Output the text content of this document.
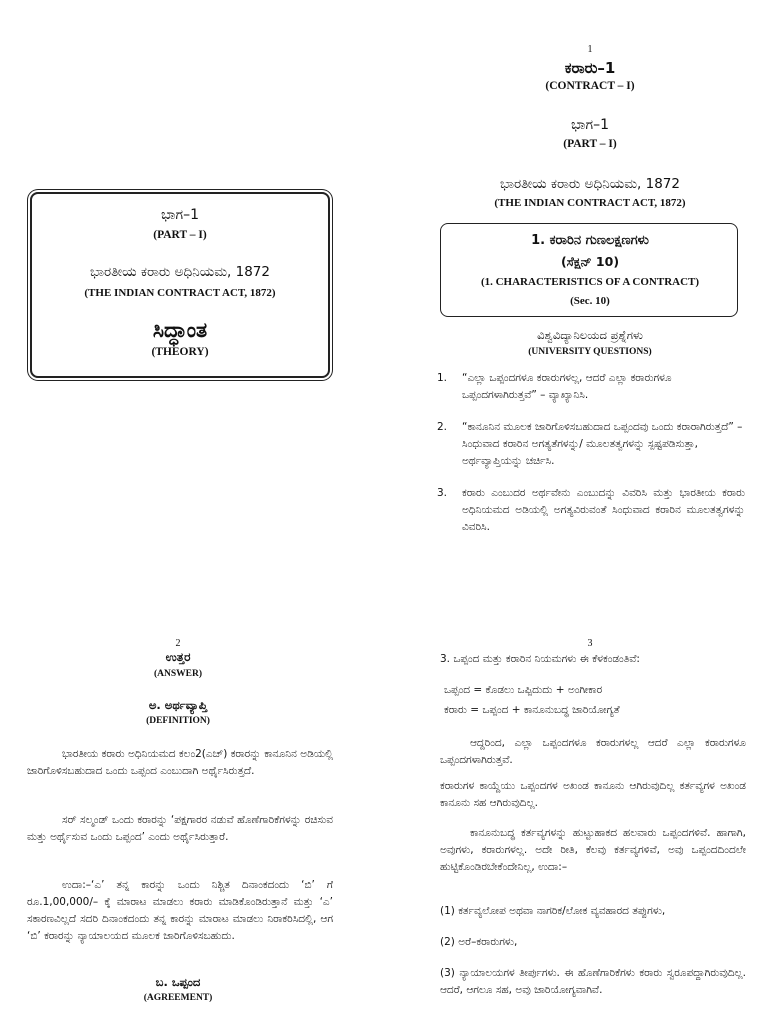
ಭಾಗ–1
(PART – I)
ಭಾರತೀಯ ಕರಾರು ಅಧಿನಿಯಮ, 1872
(THE INDIAN CONTRACT ACT, 1872)
ಸಿದ್ಧಾಂತ
(THEORY)
1
ಕರಾರು–1
(CONTRACT – I)
ಭಾಗ–1
(PART – I)
ಭಾರತೀಯ ಕರಾರು ಅಧಿನಿಯಮ, 1872
(THE INDIAN CONTRACT ACT, 1872)
1. ಕರಾರಿನ ಗುಣಲಕ್ಷಣಗಳು
(ಸೆಕ್ಷನ್ 10)
(1. CHARACTERISTICS OF A CONTRACT)
(Sec. 10)
ವಿಶ್ವವಿದ್ಯಾನಿಲಯದ ಪ್ರಶ್ನೆಗಳು
(UNIVERSITY QUESTIONS)
1. “ಎಲ್ಲಾ ಒಪ್ಪಂದಗಳೂ ಕರಾರುಗಳಲ್ಲ, ಆದರೆ ಎಲ್ಲಾ ಕರಾರುಗಳೂ ಒಪ್ಪಂದಗಳಾಗಿರುತ್ತವೆ” – ವ್ಯಾಖ್ಯಾನಿಸಿ.
2. “ಕಾನೂನಿನ ಮೂಲಕ ಜಾರಿಗೊಳಿಸಬಹುದಾದ ಒಪ್ಪಂದವು ಒಂದು ಕರಾರಾಗಿರುತ್ತದೆ” – ಸಿಂಧುವಾದ ಕರಾರಿನ ಅಗತ್ಯತೆಗಳನ್ನು/ ಮೂಲತತ್ವಗಳನ್ನು ಸ್ಪಷ್ಟಪಡಿಸುತ್ತಾ, ಅರ್ಥವ್ಯಾಪ್ತಿಯನ್ನು ಚರ್ಚಿಸಿ.
3. ಕರಾರು ಎಂಬುದರ ಅರ್ಥವೇನು ಎಂಬುದನ್ನು ವಿವರಿಸಿ ಮತ್ತು ಭಾರತೀಯ ಕರಾರು ಅಧಿನಿಯಮದ ಅಡಿಯಲ್ಲಿ ಅಗತ್ಯವಿರುವಂತೆ ಸಿಂಧುವಾದ ಕರಾರಿನ ಮೂಲತತ್ವಗಳನ್ನು ವಿವರಿಸಿ.
2
ಉತ್ತರ
(ANSWER)
ಅ. ಅರ್ಥವ್ಯಾಪ್ತಿ
(DEFINITION)
ಭಾರತೀಯ ಕರಾರು ಅಧಿನಿಯಮದ ಕಲಂ2(ಎಚ್) ಕರಾರನ್ನು ಕಾನೂನಿನ ಅಡಿಯಲ್ಲಿ ಜಾರಿಗೊಳಿಸಬಹುದಾದ ಒಂದು ಒಪ್ಪಂದ ಎಂಬುದಾಗಿ ಅರ್ಥೈಸಿರುತ್ತದೆ.
ಸರ್ ಸಲ್ಮಂಡ್ ಒಂದು ಕರಾರನ್ನು ‘ಪಕ್ಷಗಾರರ ನಡುವೆ ಹೊಣೆಗಾರಿಕೆಗಳನ್ನು ರಚಿಸುವ ಮತ್ತು ಅರ್ಥೈಸುವ ಒಂದು ಒಪ್ಪಂದ’ ಎಂದು ಅರ್ಥೈಸಿರುತ್ತಾರೆ.
ಉದಾ:–‘ಎ’ ತನ್ನ ಕಾರನ್ನು ಒಂದು ನಿಶ್ಚಿತ ದಿನಾಂಕದಂದು ‘ಬಿ’ ಗೆ ರೂ.1,00,000/– ಕ್ಕೆ ಮಾರಾಟ ಮಾಡಲು ಕರಾರು ಮಾಡಿಕೊಂಡಿರುತ್ತಾನೆ ಮತ್ತು ‘ಎ’ ಸಕಾರಣವಿಲ್ಲದೆ ಸದರಿ ದಿನಾಂಕದಂದು ತನ್ನ ಕಾರನ್ನು ಮಾರಾಟ ಮಾಡಲು ನಿರಾಕರಿಸಿದಲ್ಲಿ, ಆಗ ‘ಬಿ’ ಕರಾರನ್ನು ನ್ಯಾಯಾಲಯದ ಮೂಲಕ ಜಾರಿಗೊಳಿಸಬಹುದು.
ಬ. ಒಪ್ಪಂದ
(AGREEMENT)
3
3. ಒಪ್ಪಂದ ಮತ್ತು ಕರಾರಿನ ನಿಯಮಗಳು ಈ ಕೆಳಕಂಡಂತಿವೆ:
ಒಪ್ಪಂದ = ಕೊಡಲು ಒಪ್ಪಿದುದು + ಅಂಗೀಕಾರ
ಕರಾರು = ಒಪ್ಪಂದ + ಕಾನೂನುಬದ್ಧ ಜಾರಿಯೋಗ್ಯತೆ
ಆದ್ದರಿಂದ, ಎಲ್ಲಾ ಒಪ್ಪಂದಗಳೂ ಕರಾರುಗಳಲ್ಲ ಆದರೆ ಎಲ್ಲಾ ಕರಾರುಗಳೂ ಒಪ್ಪಂದಗಳಾಗಿರುತ್ತವೆ.
ಕರಾರುಗಳ ಕಾಯ್ದೆಯು ಒಪ್ಪಂದಗಳ ಅಖಂಡ ಕಾನೂನು ಆಗಿರುವುದಿಲ್ಲ ಕರ್ತವ್ಯಗಳ ಅಖಂಡ ಕಾನೂನು ಸಹ ಆಗಿರುವುದಿಲ್ಲ.
ಕಾನೂನುಬದ್ಧ ಕರ್ತವ್ಯಗಳನ್ನು ಹುಟ್ಟುಹಾಕದ ಹಲವಾರು ಒಪ್ಪಂದಗಳಿವೆ. ಹಾಗಾಗಿ, ಅವುಗಳು, ಕರಾರುಗಳಲ್ಲ. ಅದೇ ರೀತಿ, ಕೆಲವು ಕರ್ತವ್ಯಗಳಿವೆ, ಅವು ಒಪ್ಪಂದದಿಂದಲೇ ಹುಟ್ಟಿಕೊಂಡಿರಬೇಕೆಂದೇನಿಲ್ಲ, ಉದಾ:–
(1) ಕರ್ತವ್ಯಲೋಪ ಅಥವಾ ನಾಗರಿಕ/ಲೋಕ ವ್ಯವಹಾರದ ತಪ್ಪುಗಳು,
(2) ಅರೆ–ಕರಾರುಗಳು,
(3) ನ್ಯಾಯಾಲಯಗಳ ತೀರ್ಪುಗಳು. ಈ ಹೊಣೆಗಾರಿಕೆಗಳು ಕರಾರು ಸ್ವರೂಪದ್ದಾಗಿರುವುದಿಲ್ಲ. ಆದರೆ, ಆಗಲೂ ಸಹ, ಅವು ಜಾರಿಯೋಗ್ಯವಾಗಿವೆ.
